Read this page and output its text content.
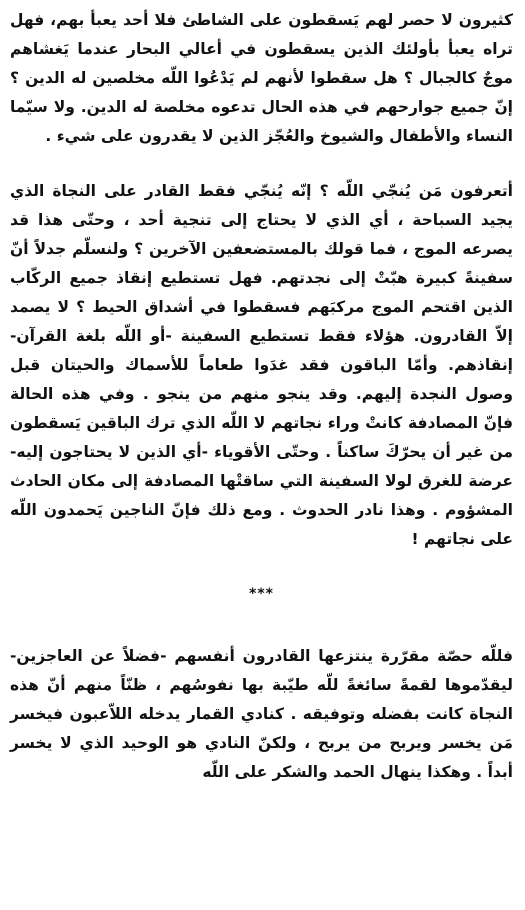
كثيرون لا حصر لهم يَسقطون على الشاطئ فلا أحد يعبأ بهم، فهل تراه يعبأ بأولئك الذين يسقطون في أعالي البحار عندما يَغشاهم موجٌ كالجبال ؟ هل سقطوا لأنهم لم يَدْعُوا اللّه مخلصين له الدين ؟ إنّ جميع جوارحهم في هذه الحال تدعوه مخلصة له الدين. ولا سيّما النساء والأطفال والشيوخ والعُجّز الذين لا يقدرون على شيء .

أتعرفون مَن يُنجّي اللّه ؟ إنّه يُنجّي فقط القادر على النجاة الذي يجيد السباحة ، أي الذي لا يحتاج إلى تنجية أحد ، وحتّى هذا قد يصرعه الموج ، فما قولك بالمستضعفين الآخرين ؟ ولنسلّم جدلاً أنّ سفينةً كبيرة هبّتْ إلى نجدتهم. فهل تستطيع إنقاذ جميع الركّاب الذين اقتحم الموج مركبَهم فسقطوا في أشداق الحيط ؟ لا يصمد إلاّ القادرون. هؤلاء فقط تستطيع السفينة -أو اللّه بلغة القرآن- إنقاذهم. وأمّا الباقون فقد غدَوا طعاماً للأسماك والحيتان قبل وصول النجدة إليهم. وقد ينجو منهم من ينجو . وفي هذه الحالة فإنّ المصادفة كانتْ وراء نجاتهم لا اللّه الذي ترك الباقين يَسقطون من غير أن يحرّكَ ساكناً . وحتّى الأقوياء -أي الذين لا يحتاجون إليه- عرضة للغرق لولا السفينة التي ساقتْها المصادفة إلى مكان الحادث المشؤوم . وهذا نادر الحدوث . ومع ذلك فإنّ الناجين يَحمدون اللّه على نجاتهم !

***

فللّه حصّة مقرّرة ينتزعها القادرون أنفسهم -فضلاً عن العاجزين- ليقدّموها لقمةً سائغةً للّه طيّبة بها نفوسُهم ، ظنّاً منهم أنّ هذه النجاة كانت بفضله وتوفيقه . كنادي القمار يدخله اللاّعبون فيخسر مَن يخسر ويربح من يربح ، ولكنّ النادي هو الوحيد الذي لا يخسر أبداً . وهكذا ينهال الحمد والشكر على اللّه
